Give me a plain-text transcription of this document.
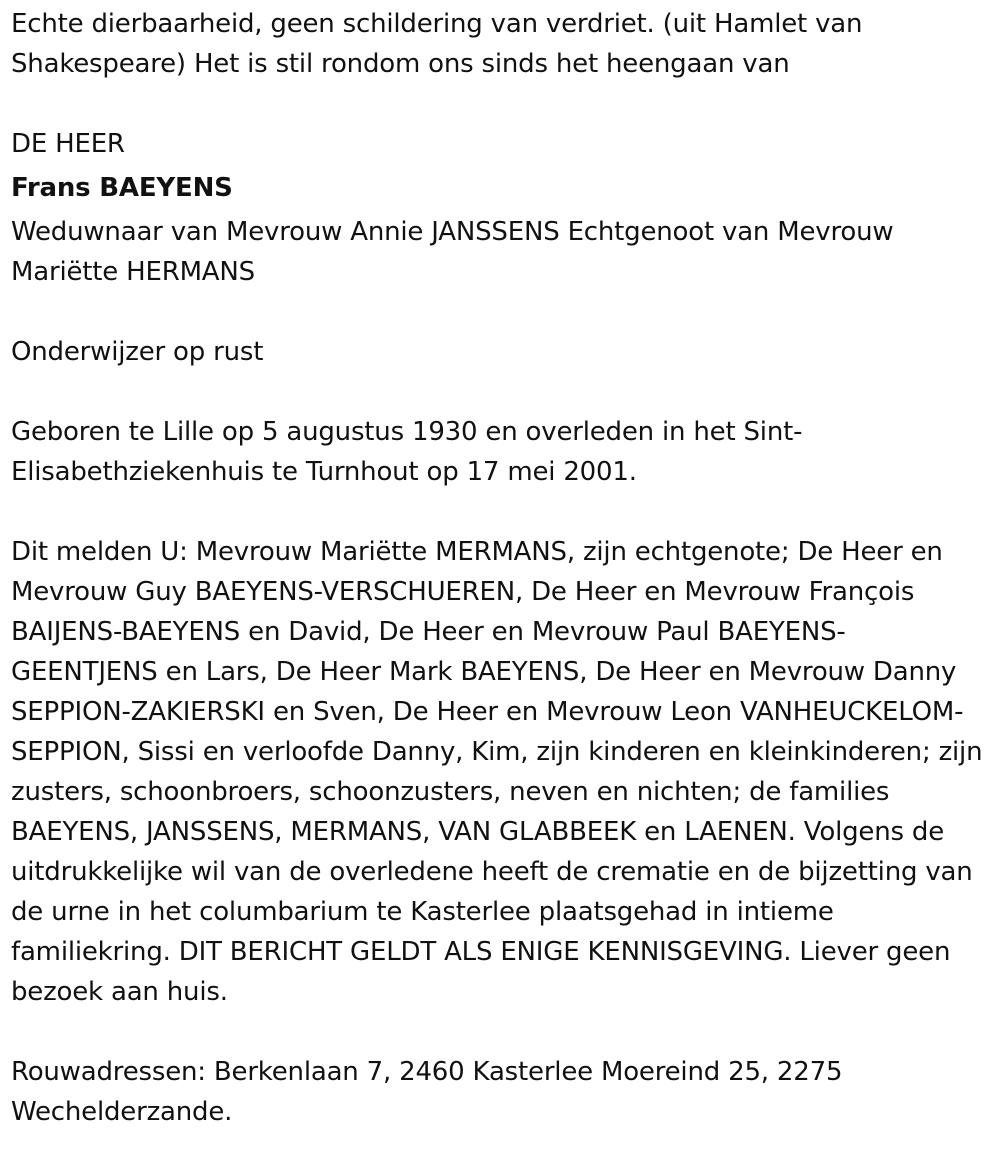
Echte dierbaarheid, geen schildering van verdriet. (uit Hamlet van Shakespeare) Het is stil rondom ons sinds het heengaan van

DE HEER

Frans BAEYENS

Weduwnaar van Mevrouw Annie JANSSENS Echtgenoot van Mevrouw Mariëtte HERMANS

Onderwijzer op rust

Geboren te Lille op 5 augustus 1930 en overleden in het Sint-Elisabethziekenhuis te Turnhout op 17 mei 2001.

Dit melden U: Mevrouw Mariëtte MERMANS, zijn echtgenote; De Heer en Mevrouw Guy BAEYENS-VERSCHUEREN, De Heer en Mevrouw François BAIJENS-BAEYENS en David, De Heer en Mevrouw Paul BAEYENS-GEENTJENS en Lars, De Heer Mark BAEYENS, De Heer en Mevrouw Danny SEPPION-ZAKIERSKI en Sven, De Heer en Mevrouw Leon VANHEUCKELOM-SEPPION, Sissi en verloofde Danny, Kim, zijn kinderen en kleinkinderen; zijn zusters, schoonbroers, schoonzusters, neven en nichten; de families BAEYENS, JANSSENS, MERMANS, VAN GLABBEEK en LAENEN. Volgens de uitdrukkelijke wil van de overledene heeft de crematie en de bijzetting van de urne in het columbarium te Kasterlee plaatsgehad in intieme familiekring. DIT BERICHT GELDT ALS ENIGE KENNISGEVING. Liever geen bezoek aan huis.

Rouwadressen: Berkenlaan 7, 2460 Kasterlee Moereind 25, 2275 Wechelderzande.
